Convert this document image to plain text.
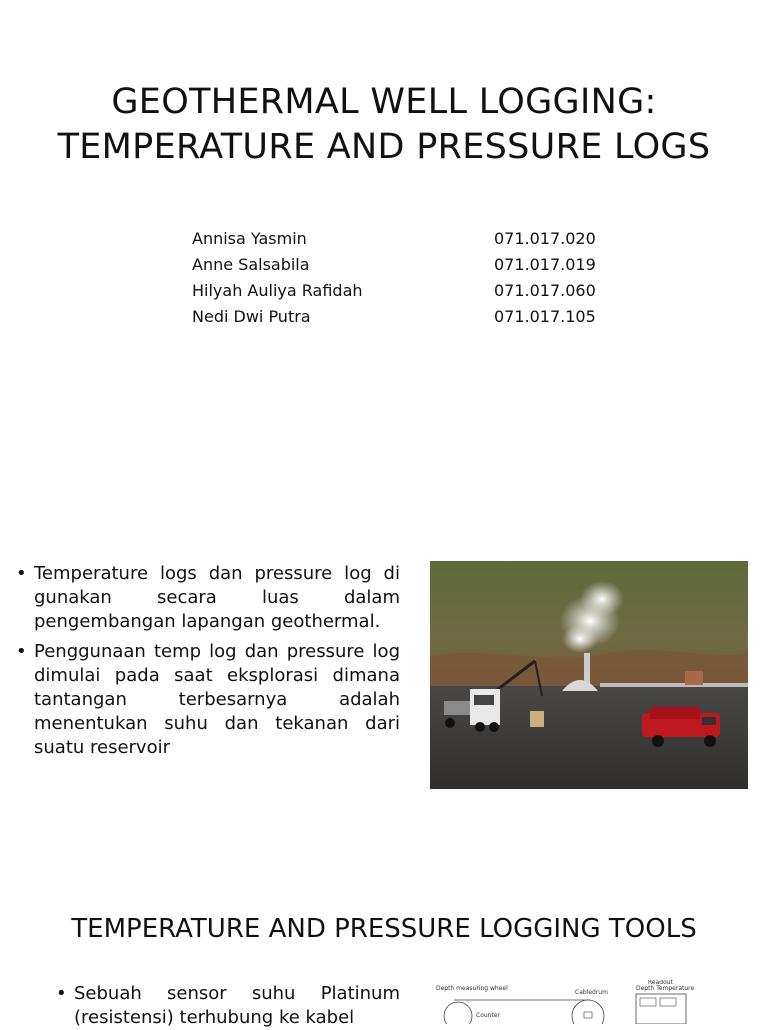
GEOTHERMAL WELL LOGGING: TEMPERATURE AND PRESSURE LOGS
Annisa Yasmin	071.017.020
Anne Salsabila	071.017.019
Hilyah Auliya Rafidah	071.017.060
Nedi Dwi Putra	071.017.105
• Temperature logs dan pressure log di gunakan secara luas dalam pengembangan lapangan geothermal.
• Penggunaan temp log dan pressure log dimulai pada saat eksplorasi dimana tantangan terbesarnya adalah menentukan suhu dan tekanan dari suatu reservoir
TEMPERATURE AND PRESSURE LOGGING TOOLS
• Sebuah sensor suhu Platinum (resistensi) terhubung ke kabel
Depth measuring wheel
Cabledrum
Readout
Depth Temperature
Counter
